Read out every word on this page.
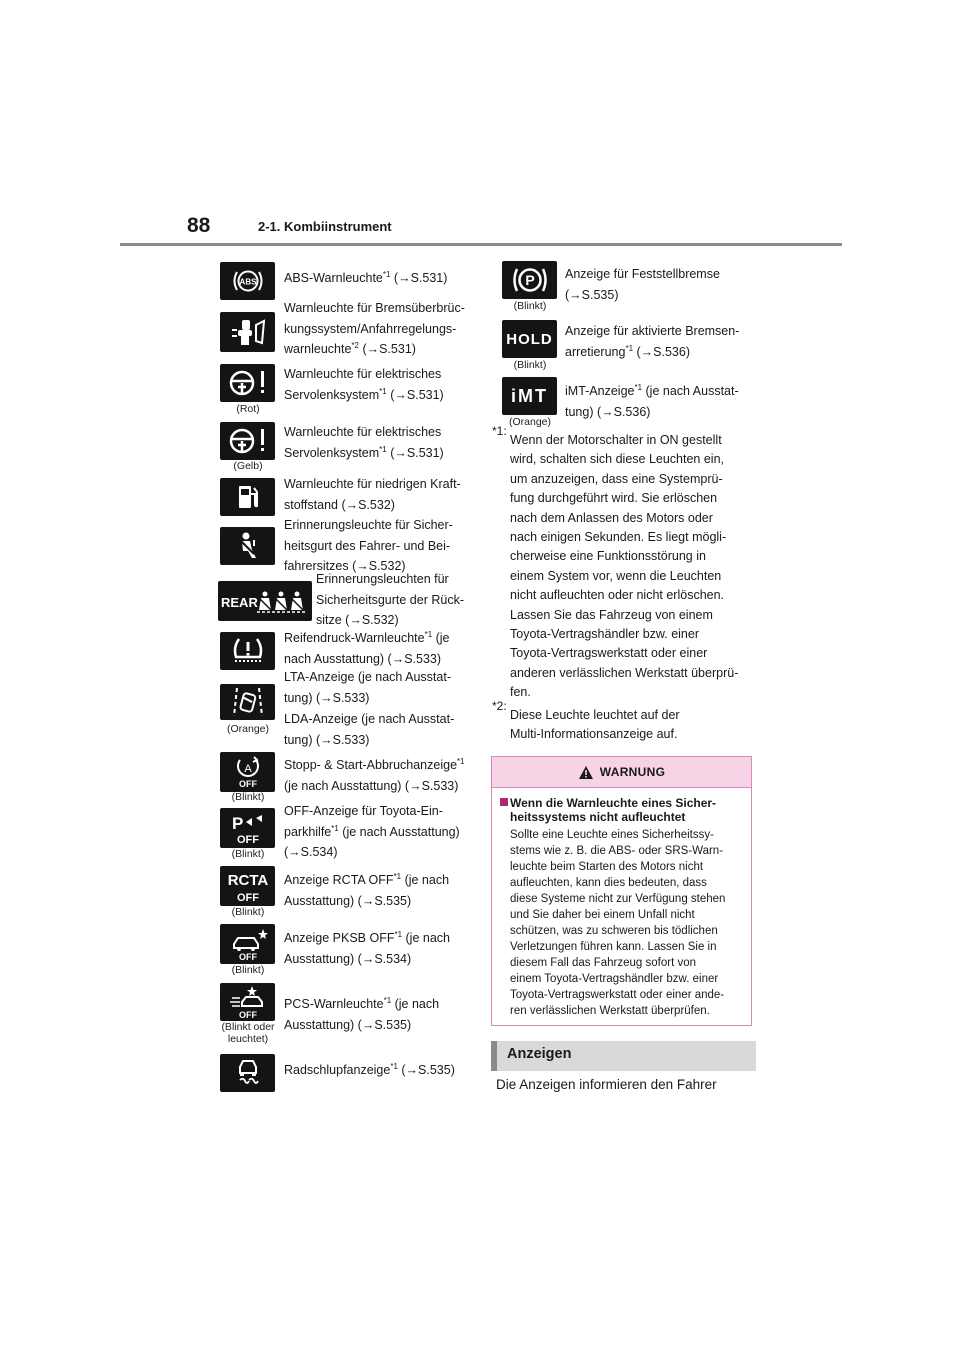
88	2-1. Kombiinstrument
ABS ABS-Warnleuchte$^{*1}$ (→S.531)
Warnleuchte für Bremsüberbrüc-
kungssystem/Anfahrregelungs-
warnleuchte$^{*2}$ (→S.531)
(Rot)
Warnleuchte für elektrisches
Servolenksystem$^{*1}$ (→S.531)
(Gelb)
Warnleuchte für elektrisches
Servolenksystem$^{*1}$ (→S.531)
Warnleuchte für niedrigen Kraft-
stoffstand (→S.532)
Erinnerungsleuchte für Sicher-
heitsgurt des Fahrer- und Bei-
fahrersitzes (→S.532)
REAR
Erinnerungsleuchten für
Sicherheitsgurte der Rück-
sitze (→S.532)
Reifendruck-Warnleuchte$^{*1}$ (je
nach Ausstattung) (→S.533)
(Orange)
LTA-Anzeige (je nach Ausstat-
tung) (→S.533)
LDA-Anzeige (je nach Ausstat-
tung) (→S.533)
A
OFF
(Blinkt)
Stopp- & Start-Abbruchanzeige$^{*1}$
(je nach Ausstattung) (→S.533)
P
OFF
(Blinkt)
OFF-Anzeige für Toyota-Ein-
parkhilfe$^{*1}$ (je nach Ausstattung)
(→S.534)
RCTA
OFF
(Blinkt)
Anzeige RCTA OFF$^{*1}$ (je nach
Ausstattung) (→S.535)
OFF
(Blinkt)
Anzeige PKSB OFF$^{*1}$ (je nach
Ausstattung) (→S.534)
OFF
(Blinkt oder leuchtet)
PCS-Warnleuchte$^{*1}$ (je nach
Ausstattung) (→S.535)
Radschlupfanzeige$^{*1}$ (→S.535)
P
(Blinkt)
Anzeige für Feststellbremse
(→S.535)
HOLD
(Blinkt)
Anzeige für aktivierte Bremsen-
arretierung$^{*1}$ (→S.536)
iMT
(Orange)
iMT-Anzeige$^{*1}$ (je nach Ausstat-
tung) (→S.536)
*1:
Wenn der Motorschalter in ON gestellt
wird, schalten sich diese Leuchten ein,
um anzuzeigen, dass eine Systemprü-
fung durchgeführt wird. Sie erlöschen
nach dem Anlassen des Motors oder
nach einigen Sekunden. Es liegt mögli-
cherweise eine Funktionsstörung in
einem System vor, wenn die Leuchten
nicht aufleuchten oder nicht erlöschen.
Lassen Sie das Fahrzeug von einem
Toyota-Vertragshändler bzw. einer
Toyota-Vertragswerkstatt oder einer
anderen verlässlichen Werkstatt überprü-
fen.
*2:
Diese Leuchte leuchtet auf der
Multi-Informationsanzeige auf.
WARNUNG
Wenn die Warnleuchte eines Sicher-
heitssystems nicht aufleuchtet
Sollte eine Leuchte eines Sicherheitssy-
stems wie z. B. die ABS- oder SRS-Warn-
leuchte beim Starten des Motors nicht
aufleuchten, kann dies bedeuten, dass
diese Systeme nicht zur Verfügung stehen
und Sie daher bei einem Unfall nicht
schützen, was zu schweren bis tödlichen
Verletzungen führen kann. Lassen Sie in
diesem Fall das Fahrzeug sofort von
einem Toyota-Vertragshändler bzw. einer
Toyota-Vertragswerkstatt oder einer ande-
ren verlässlichen Werkstatt überprüfen.
Anzeigen
Die Anzeigen informieren den Fahrer
